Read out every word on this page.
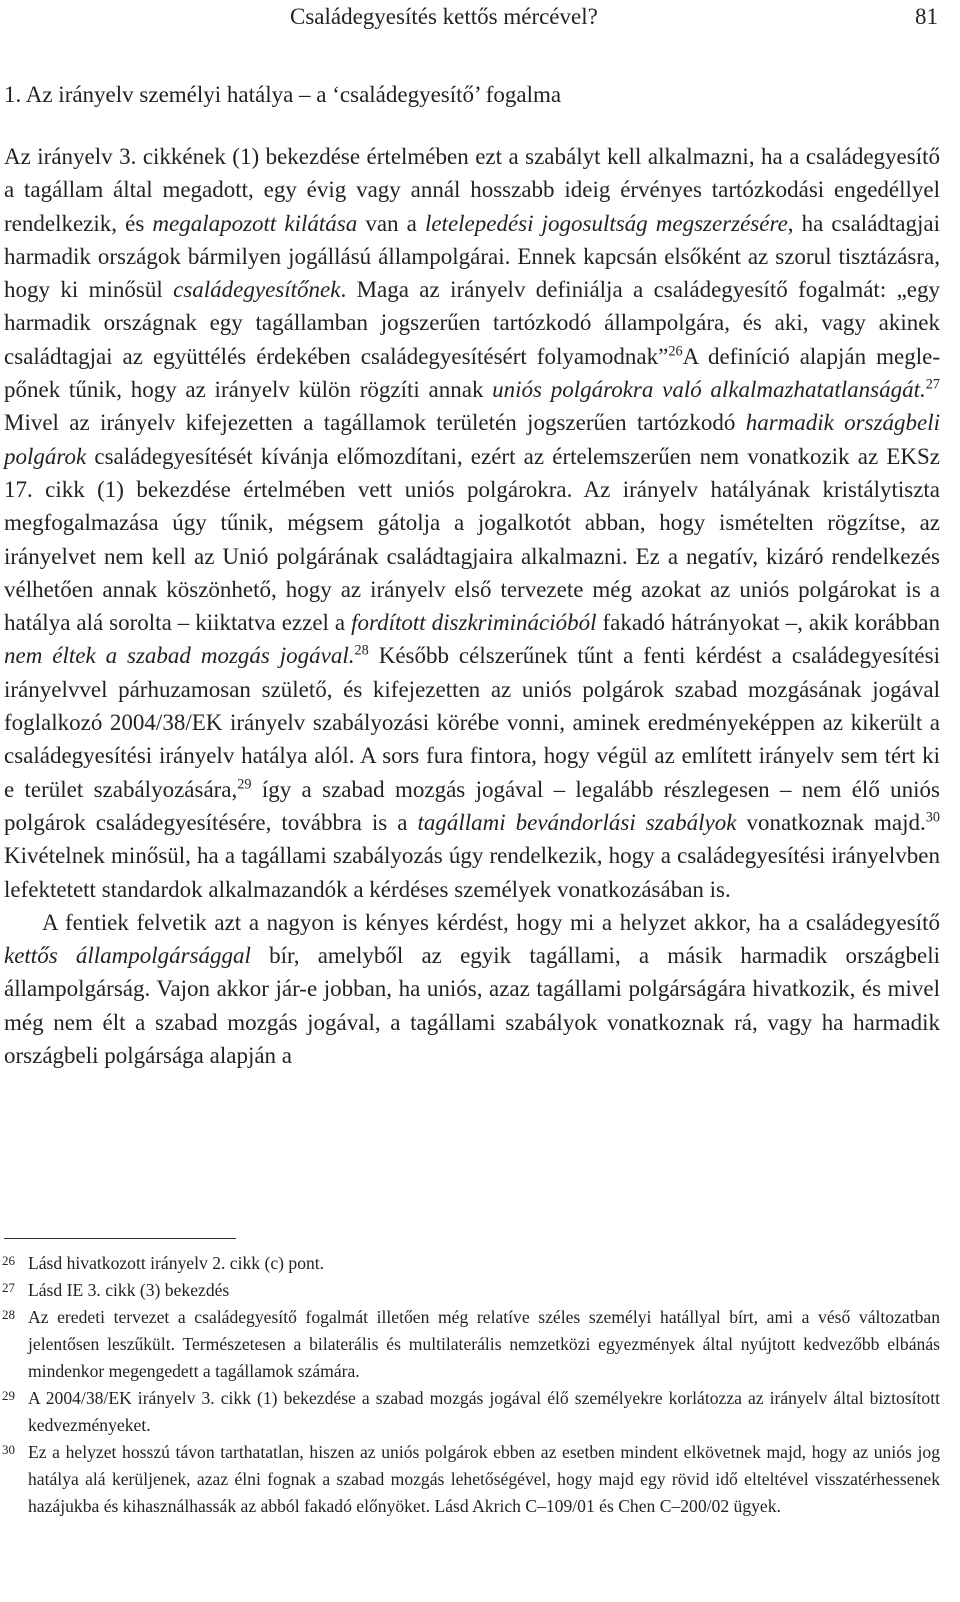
Családegyesítés kettős mércével?	81
1. Az irányelv személyi hatálya – a ‘családegyesítő’ fogalma

Az irányelv 3. cikkének (1) bekezdése értelmében ezt a szabályt kell alkalmazni, ha a családegyesítő a tagállam által megadott, egy évig vagy annál hosszabb ideig érvényes tartózkodási engedéllyel rendelkezik, és megalapozott kilátása van a letelepedési jogosultság megszerzésére, ha családtagjai harmadik országok bármilyen jogállású állampolgárai. Ennek kapcsán elsőként az szorul tisztázásra, hogy ki minősül családegyesítőnek. Maga az irányelv definiálja a családegyesítő fogalmát: „egy harmadik országnak egy tagállamban jogszerűen tartózkodó állampolgára, és aki, vagy akinek családtagjai az együttélés érdekében családegyesítésért folyamodnak”$^{26}$A definíció alapján meglepőnek tűnik, hogy az irányelv külön rögzíti annak uniós polgárokra való alkalmazhatatlanságát.$^{27}$ Mivel az irányelv kifejezetten a tagállamok területén jogszerűen tartózkodó harmadik országbeli polgárok családegyesítését kívánja előmozdítani, ezért az értelemszerűen nem vonatkozik az EKSz 17. cikk (1) bekezdése értelmében vett uniós polgárokra. Az irányelv hatályának kristálytiszta megfogalmazása úgy tűnik, mégsem gátolja a jogalkotót abban, hogy ismételten rögzítse, az irányelvet nem kell az Unió polgárának családtagjaira alkalmazni. Ez a negatív, kizáró rendelkezés vélhetően annak köszönhető, hogy az irányelv első tervezete még azokat az uniós polgárokat is a hatálya alá sorolta – kiiktatva ezzel a fordított diszkriminációból fakadó hátrányokat –, akik korábban nem éltek a szabad mozgás jogával.$^{28}$ Később célszerűnek tűnt a fenti kérdést a családegyesítési irányelvvel párhuzamosan születő, és kifejezetten az uniós polgárok szabad mozgásának jogával foglalkozó 2004/38/EK irányelv szabályozási körébe vonni, aminek eredményeképpen az kikerült a családegyesítési irányelv hatálya alól. A sors fura fintora, hogy végül az említett irányelv sem tért ki e terület szabályozására,$^{29}$ így a szabad mozgás jogával – legalább részlegesen – nem élő uniós polgárok családegyesítésére, továbbra is a tagállami bevándorlási szabályok vonatkoznak majd.$^{30}$ Kivételnek minősül, ha a tagállami szabályozás úgy rendelkezik, hogy a családegyesítési irányelvben lefektetett standardok alkalmazandók a kérdéses személyek vonatkozásában is.

A fentiek felvetik azt a nagyon is kényes kérdést, hogy mi a helyzet akkor, ha a családegyesítő kettős állampolgársággal bír, amelyből az egyik tagállami, a másik harmadik országbeli állampolgárság. Vajon akkor jár-e jobban, ha uniós, azaz tagállami polgárságára hivatkozik, és mivel még nem élt a szabad mozgás jogával, a tagállami szabályok vonatkoznak rá, vagy ha harmadik országbeli polgársága alapján a

26 Lásd hivatkozott irányelv 2. cikk (c) pont.
27 Lásd IE 3. cikk (3) bekezdés
28 Az eredeti tervezet a családegyesítő fogalmát illetően még relatíve széles személyi hatállyal bírt, ami a véső változatban jelentősen leszűkült. Természetesen a bilaterális és multilaterális nemzetközi egyezmények által nyújtott kedvezőbb elbánás mindenkor megengedett a tagállamok számára.
29 A 2004/38/EK irányelv 3. cikk (1) bekezdése a szabad mozgás jogával élő személyekre korlátozza az irányelv által biztosított kedvezményeket.
30 Ez a helyzet hosszú távon tarthatatlan, hiszen az uniós polgárok ebben az esetben mindent elkövetnek majd, hogy az uniós jog hatálya alá kerüljenek, azaz élni fognak a szabad mozgás lehetőségével, hogy majd egy rövid idő elteltével visszatérhessenek hazájukba és kihasználhassák az abból fakadó előnyöket. Lásd Akrich C–109/01 és Chen C–200/02 ügyek.
